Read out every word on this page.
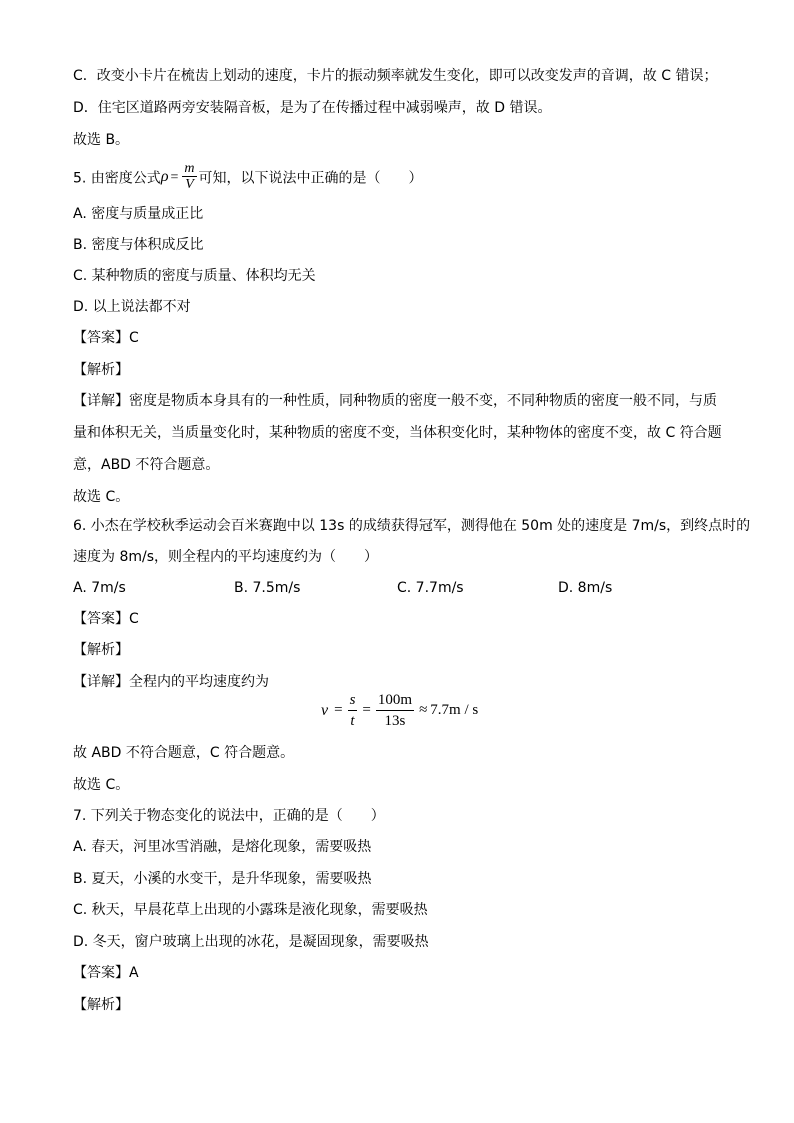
C．改变小卡片在梳齿上划动的速度，卡片的振动频率就发生变化，即可以改变发声的音调，故 C 错误；
D．住宅区道路两旁安装隔音板，是为了在传播过程中减弱噪声，故 D 错误。
故选 B。
5. 由密度公式$\rho = \frac{m}{V}$ 可知，以下说法中正确的是（　　）
A. 密度与质量成正比
B. 密度与体积成反比
C. 某种物质的密度与质量、体积均无关
D. 以上说法都不对
【答案】C
【解析】
【详解】密度是物质本身具有的一种性质，同种物质的密度一般不变，不同种物质的密度一般不同，与质
量和体积无关，当质量变化时，某种物质的密度不变，当体积变化时，某种物体的密度不变，故 C 符合题
意，ABD 不符合题意。
故选 C。
6. 小杰在学校秋季运动会百米赛跑中以 13s 的成绩获得冠军，测得他在 50m 处的速度是 7m/s，到终点时的
速度为 8m/s，则全程内的平均速度约为（　　）
A. 7m/s	B. 7.5m/s	C. 7.7m/s	D. 8m/s
【答案】C
【解析】
【详解】全程内的平均速度约为
$v = \frac{s}{t} = \frac{100m}{13s} \approx 7.7m / s$
故 ABD 不符合题意，C 符合题意。
故选 C。
7. 下列关于物态变化的说法中，正确的是（　　）
A. 春天，河里冰雪消融，是熔化现象，需要吸热
B. 夏天，小溪的水变干，是升华现象，需要吸热
C. 秋天，早晨花草上出现的小露珠是液化现象，需要吸热
D. 冬天，窗户玻璃上出现的冰花，是凝固现象，需要吸热
【答案】A
【解析】
